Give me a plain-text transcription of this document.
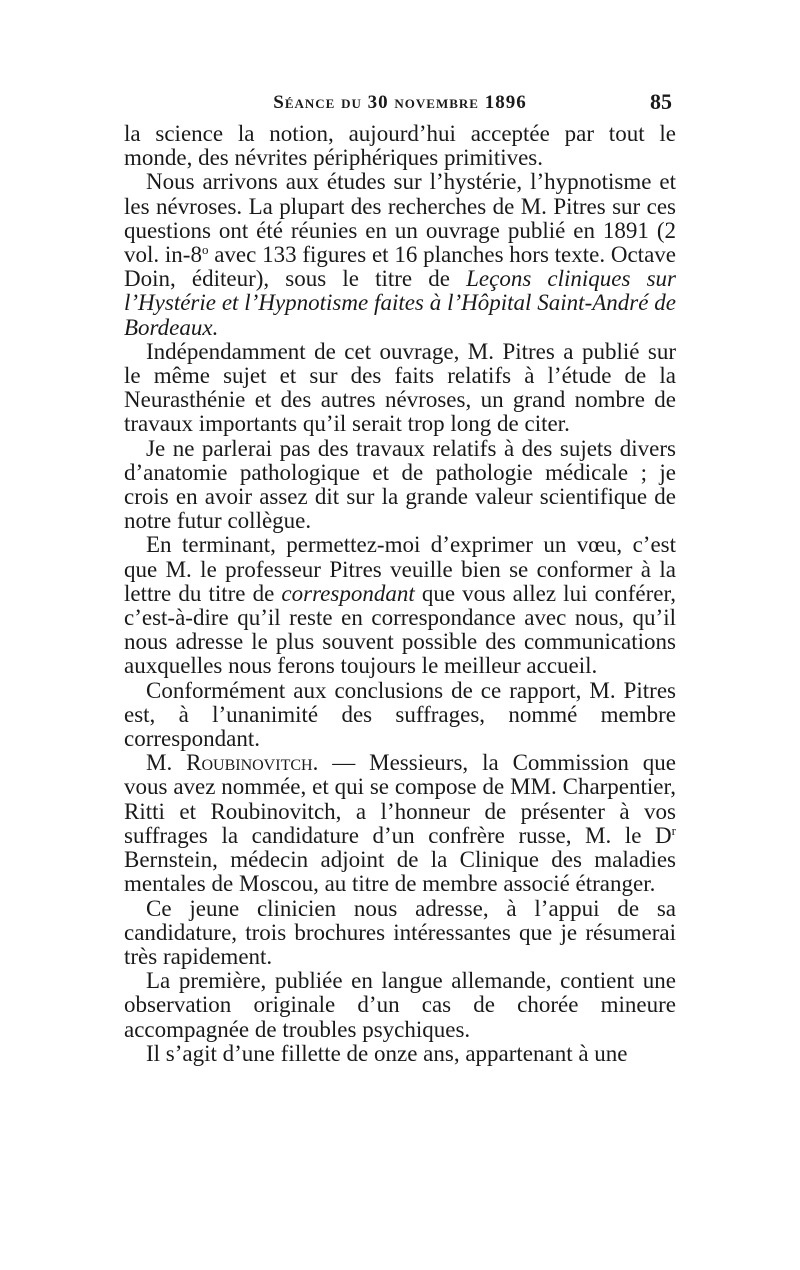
Séance du 30 novembre 1896	85

la science la notion, aujourd’hui acceptée par tout le monde, des névrites périphériques primitives.

Nous arrivons aux études sur l’hystérie, l’hypnotisme et les névroses. La plupart des recherches de M. Pitres sur ces questions ont été réunies en un ouvrage publié en 1891 (2 vol. in-8$^o$ avec 133 figures et 16 planches hors texte. Octave Doin, éditeur), sous le titre de Leçons cliniques sur l’Hystérie et l’Hypnotisme faites à l’Hôpital Saint-André de Bordeaux.

Indépendamment de cet ouvrage, M. Pitres a publié sur le même sujet et sur des faits relatifs à l’étude de la Neurasthénie et des autres névroses, un grand nombre de travaux importants qu’il serait trop long de citer.

Je ne parlerai pas des travaux relatifs à des sujets divers d’anatomie pathologique et de pathologie médicale ; je crois en avoir assez dit sur la grande valeur scientifique de notre futur collègue.

En terminant, permettez-moi d’exprimer un vœu, c’est que M. le professeur Pitres veuille bien se conformer à la lettre du titre de correspondant que vous allez lui conférer, c’est-à-dire qu’il reste en correspondance avec nous, qu’il nous adresse le plus souvent possible des communications auxquelles nous ferons toujours le meilleur accueil.

Conformément aux conclusions de ce rapport, M. Pitres est, à l’unanimité des suffrages, nommé membre correspondant.

M. Roubinovitch. — Messieurs, la Commission que vous avez nommée, et qui se compose de MM. Charpentier, Ritti et Roubinovitch, a l’honneur de présenter à vos suffrages la candidature d’un confrère russe, M. le $D^r$ Bernstein, médecin adjoint de la Clinique des maladies mentales de Moscou, au titre de membre associé étranger.

Ce jeune clinicien nous adresse, à l’appui de sa candidature, trois brochures intéressantes que je résumerai très rapidement.

La première, publiée en langue allemande, contient une observation originale d’un cas de chorée mineure accompagnée de troubles psychiques.

Il s’agit d’une fillette de onze ans, appartenant à une
